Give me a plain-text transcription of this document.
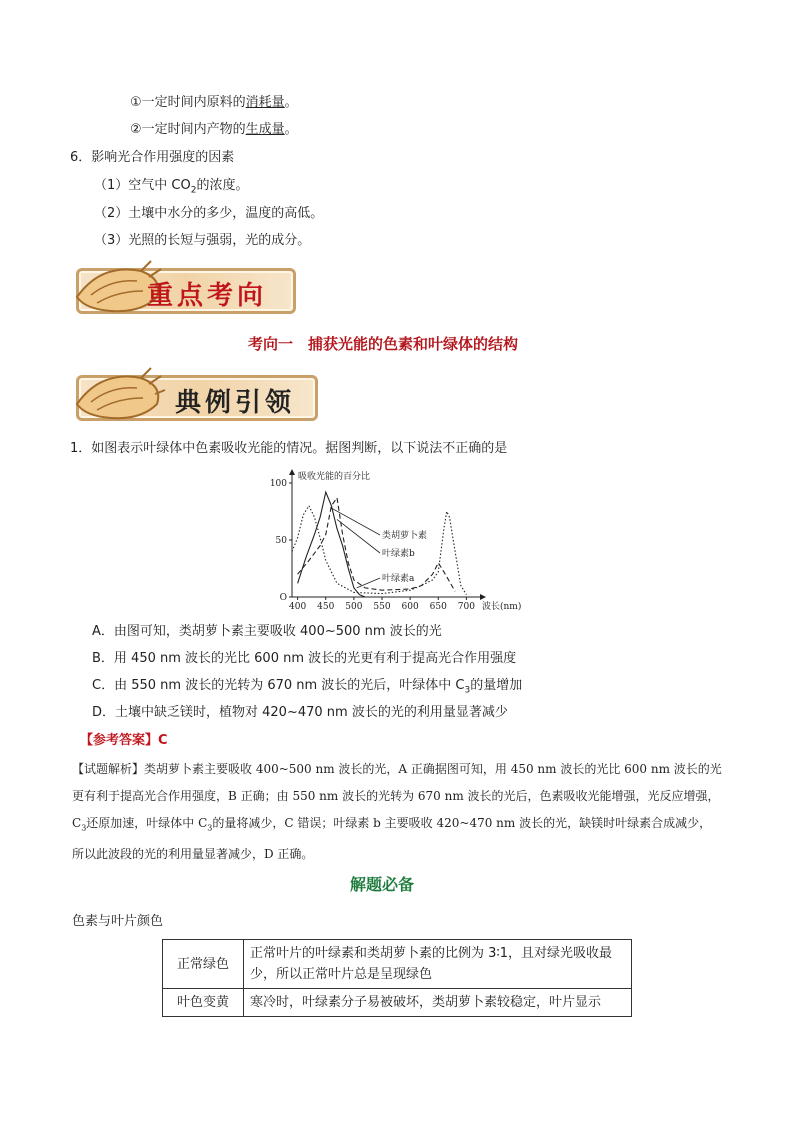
①一定时间内原料的消耗量。
②一定时间内产物的生成量。
6．影响光合作用强度的因素
（1）空气中 $CO_2$的浓度。
（2）土壤中水分的多少，温度的高低。
（3）光照的长短与强弱，光的成分。
重点考向
考向一　捕获光能的色素和叶绿体的结构
典例引领
1．如图表示叶绿体中色素吸收光能的情况。据图判断，以下说法不正确的是
400 450 500 550 600 650 700
O
50
100
吸收光能的百分比
波长(nm)
类胡萝卜素
叶绿素b
叶绿素a
A．由图可知，类胡萝卜素主要吸收 400~500 nm 波长的光
B．用 450 nm 波长的光比 600 nm 波长的光更有利于提高光合作用强度
C．由 550 nm 波长的光转为 670 nm 波长的光后，叶绿体中 $C_3$的量增加
D．土壤中缺乏镁时，植物对 420~470 nm 波长的光的利用量显著减少
【参考答案】C
【试题解析】类胡萝卜素主要吸收 400~500 nm 波长的光，A 正确据图可知，用 450 nm 波长的光比 600 nm 波长的光更有利于提高光合作用强度，B 正确；由 550 nm 波长的光转为 670 nm 波长的光后，色素吸收光能增强，光反应增强，$C_3$还原加速，叶绿体中 $C_3$的量将减少，C 错误；叶绿素 b 主要吸收 420~470 nm 波长的光，缺镁时叶绿素合成减少，所以此波段的光的利用量显著减少，D 正确。
解题必备
色素与叶片颜色
正常绿色	正常叶片的叶绿素和类胡萝卜素的比例为 3∶1，且对绿光吸收最少，所以正常叶片总是呈现绿色
叶色变黄	寒冷时，叶绿素分子易被破坏，类胡萝卜素较稳定，叶片显示
